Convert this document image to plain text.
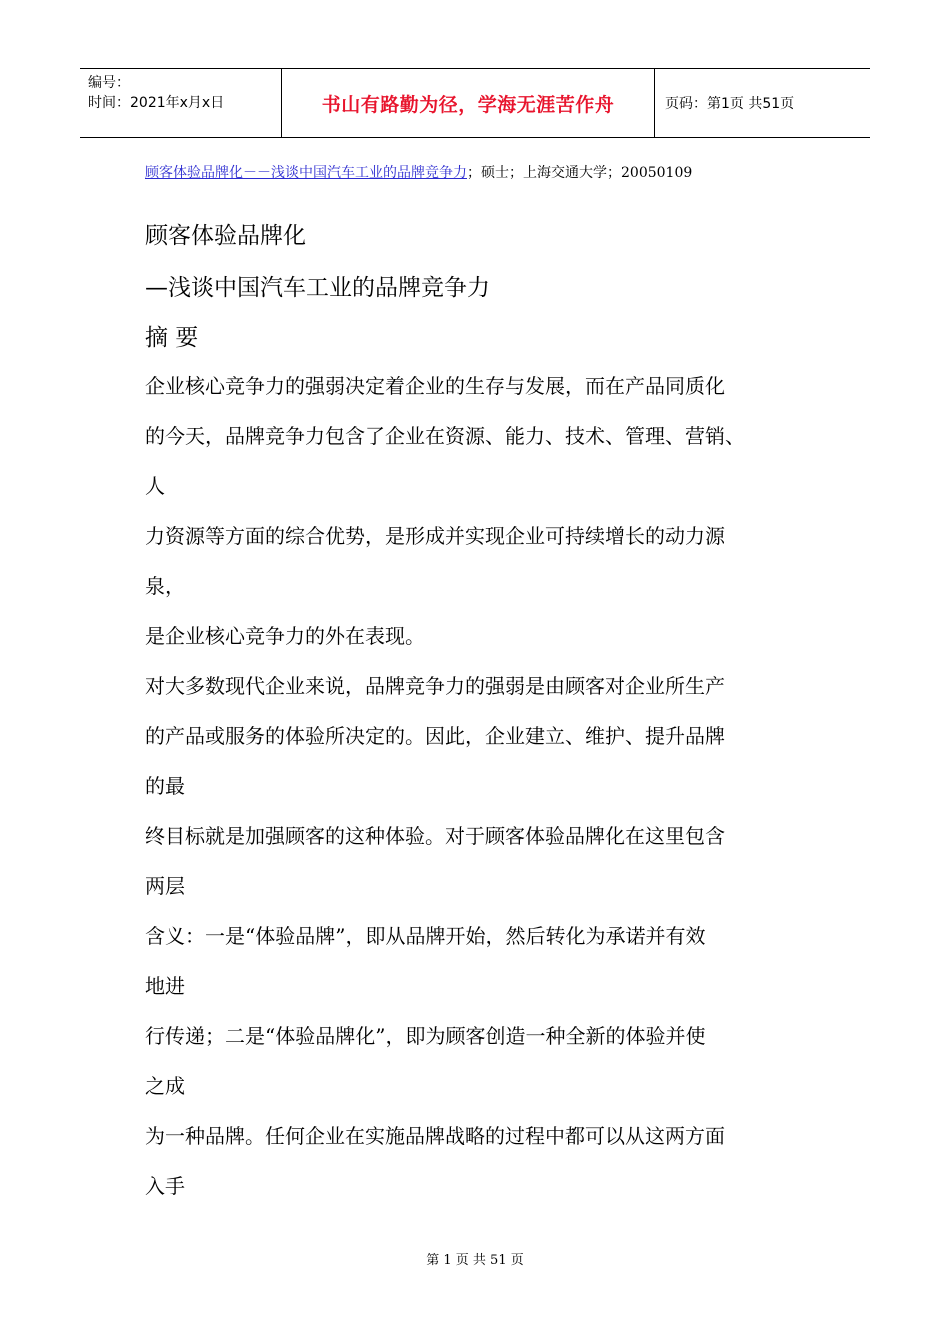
编号：
时间：2021年x月x日	书山有路勤为径，学海无涯苦作舟	页码：第1页 共51页
顾客体验品牌化－－浅谈中国汽车工业的品牌竞争力；硕士；上海交通大学；20050109
顾客体验品牌化
—浅谈中国汽车工业的品牌竞争力
摘 要
企业核心竞争力的强弱决定着企业的生存与发展，而在产品同质化
的今天，品牌竞争力包含了企业在资源、能力、技术、管理、营销、
人
力资源等方面的综合优势，是形成并实现企业可持续增长的动力源
泉，
是企业核心竞争力的外在表现。
对大多数现代企业来说，品牌竞争力的强弱是由顾客对企业所生产
的产品或服务的体验所决定的。因此，企业建立、维护、提升品牌
的最
终目标就是加强顾客的这种体验。对于顾客体验品牌化在这里包含
两层
含义：一是“体验品牌”，即从品牌开始，然后转化为承诺并有效
地进
行传递；二是“体验品牌化”，即为顾客创造一种全新的体验并使
之成
为一种品牌。任何企业在实施品牌战略的过程中都可以从这两方面
入手
第 1 页 共 51 页
